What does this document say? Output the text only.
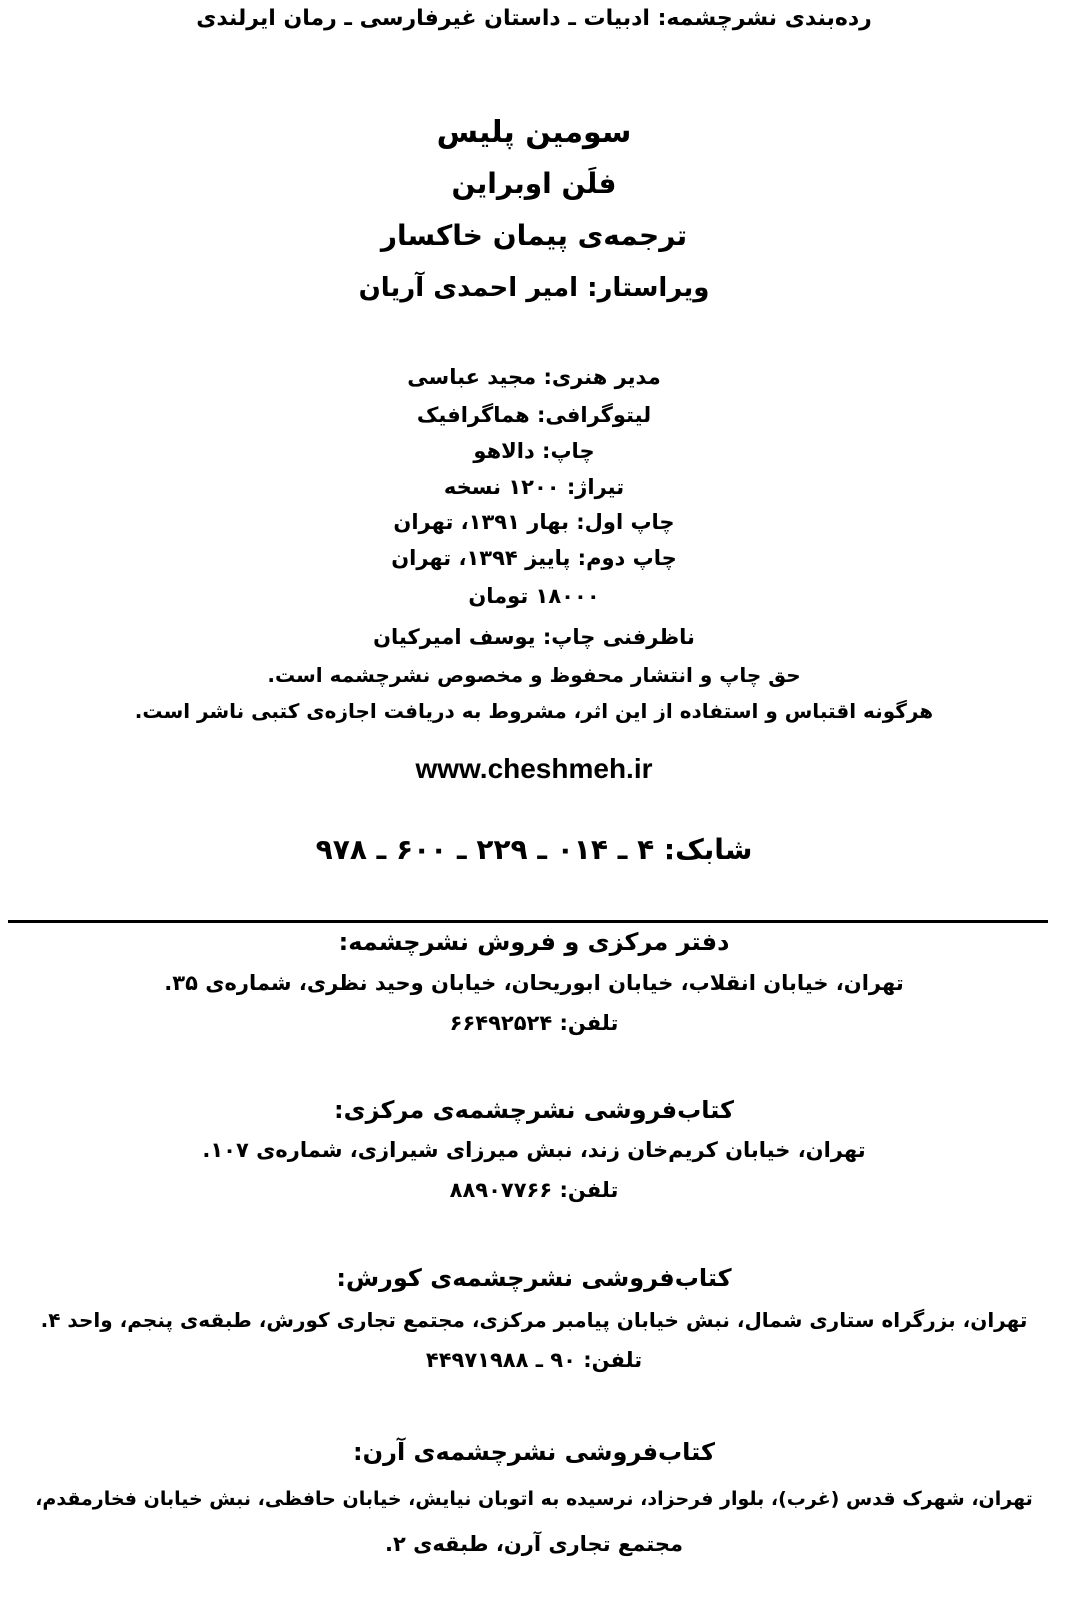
رده‌بندی نشرچشمه: ادبیات ـ داستان غیرفارسی ـ رمان ایرلندی
سومین پلیس
فلَن اوبراین
ترجمه‌ی پیمان خاکسار
ویراستار: امیر احمدی آریان
مدیر هنری: مجید عباسی
لیتوگرافی: هماگرافیک
چاپ: دالاهو
تیراژ: ۱۲۰۰ نسخه
چاپ اول: بهار ۱۳۹۱، تهران
چاپ دوم: پاییز ۱۳۹۴، تهران
۱۸۰۰۰ تومان
ناظرفنی چاپ: یوسف امیرکیان
حق چاپ و انتشار محفوظ و مخصوص نشرچشمه است.
هرگونه اقتباس و استفاده از این اثر، مشروط به دریافت اجازه‌ی کتبی ناشر است.
www.cheshmeh.ir
شابک: ۴ ـ ۰۱۴ ـ ۲۲۹ ـ ۶۰۰ ـ ۹۷۸
دفتر مرکزی و فروش نشرچشمه:
تهران، خیابان انقلاب، خیابان ابوریحان، خیابان وحید نظری، شماره‌ی ۳۵.
تلفن: ۶۶۴۹۲۵۲۴
کتاب‌فروشی نشرچشمه‌ی مرکزی:
تهران، خیابان کریم‌خان زند، نبش میرزای شیرازی، شماره‌ی ۱۰۷.
تلفن: ۸۸۹۰۷۷۶۶
کتاب‌فروشی نشرچشمه‌ی کورش:
تهران، بزرگراه ستاری شمال، نبش خیابان پیامبر مرکزی، مجتمع تجاری کورش، طبقه‌ی پنجم، واحد ۴.
تلفن: ۹۰ ـ ۴۴۹۷۱۹۸۸
کتاب‌فروشی نشرچشمه‌ی آرن:
تهران، شهرک قدس (غرب)، بلوار فرحزاد، نرسیده به اتوبان نیایش، خیابان حافظی، نبش خیابان فخارمقدم،
مجتمع تجاری آرن، طبقه‌ی ۲.
